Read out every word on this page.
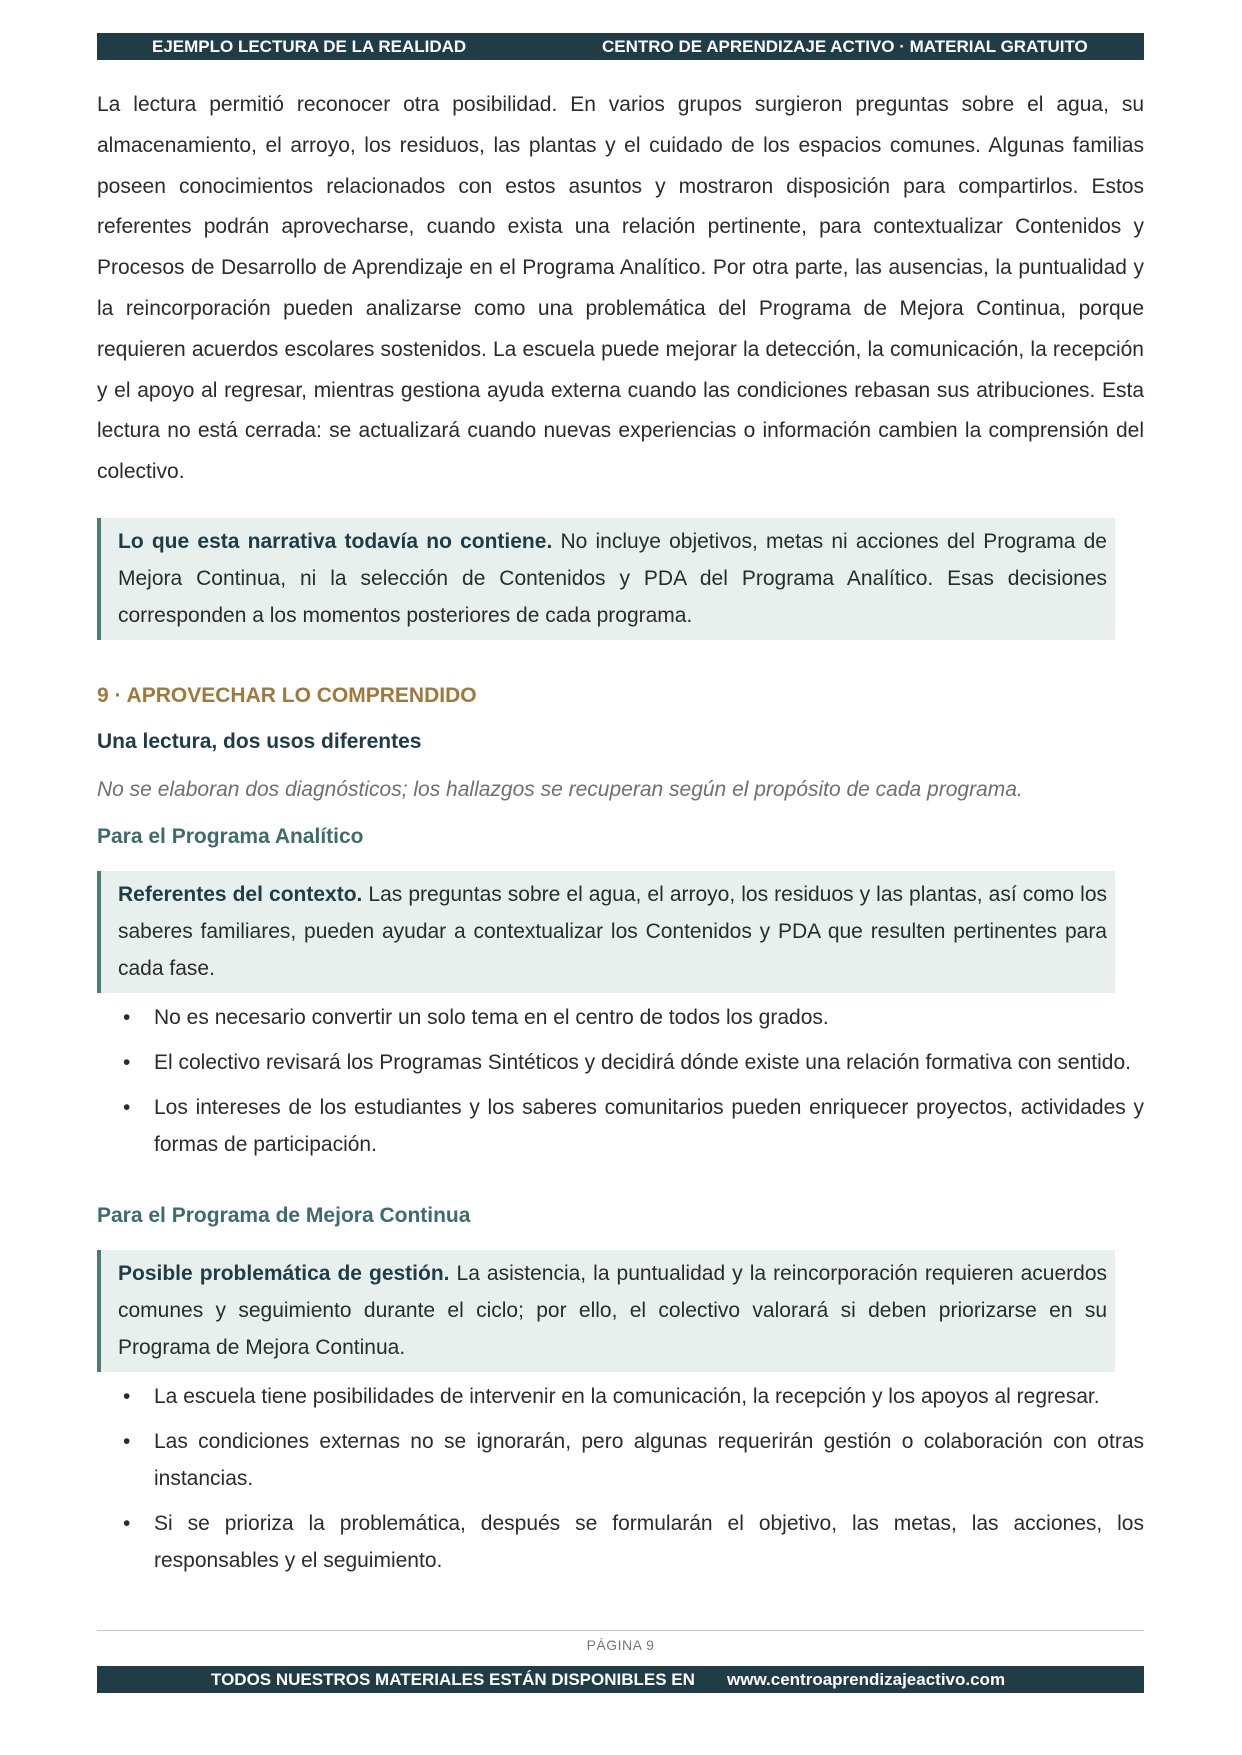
EJEMPLO LECTURA DE LA REALIDAD	CENTRO DE APRENDIZAJE ACTIVO · MATERIAL GRATUITO

La lectura permitió reconocer otra posibilidad. En varios grupos surgieron preguntas sobre el agua, su almacenamiento, el arroyo, los residuos, las plantas y el cuidado de los espacios comunes. Algunas familias poseen conocimientos relacionados con estos asuntos y mostraron disposición para compartirlos. Estos referentes podrán aprovecharse, cuando exista una relación pertinente, para contextualizar Contenidos y Procesos de Desarrollo de Aprendizaje en el Programa Analítico. Por otra parte, las ausencias, la puntualidad y la reincorporación pueden analizarse como una problemática del Programa de Mejora Continua, porque requieren acuerdos escolares sostenidos. La escuela puede mejorar la detección, la comunicación, la recepción y el apoyo al regresar, mientras gestiona ayuda externa cuando las condiciones rebasan sus atribuciones. Esta lectura no está cerrada: se actualizará cuando nuevas experiencias o información cambien la comprensión del colectivo.

Lo que esta narrativa todavía no contiene. No incluye objetivos, metas ni acciones del Programa de Mejora Continua, ni la selección de Contenidos y PDA del Programa Analítico. Esas decisiones corresponden a los momentos posteriores de cada programa.
9 · APROVECHAR LO COMPRENDIDO
Una lectura, dos usos diferentes
No se elaboran dos diagnósticos; los hallazgos se recuperan según el propósito de cada programa.
Para el Programa Analítico
Referentes del contexto. Las preguntas sobre el agua, el arroyo, los residuos y las plantas, así como los saberes familiares, pueden ayudar a contextualizar los Contenidos y PDA que resulten pertinentes para cada fase.
• No es necesario convertir un solo tema en el centro de todos los grados.
• El colectivo revisará los Programas Sintéticos y decidirá dónde existe una relación formativa con sentido.
• Los intereses de los estudiantes y los saberes comunitarios pueden enriquecer proyectos, actividades y formas de participación.
Para el Programa de Mejora Continua
Posible problemática de gestión. La asistencia, la puntualidad y la reincorporación requieren acuerdos comunes y seguimiento durante el ciclo; por ello, el colectivo valorará si deben priorizarse en su Programa de Mejora Continua.
• La escuela tiene posibilidades de intervenir en la comunicación, la recepción y los apoyos al regresar.
• Las condiciones externas no se ignorarán, pero algunas requerirán gestión o colaboración con otras instancias.
• Si se prioriza la problemática, después se formularán el objetivo, las metas, las acciones, los responsables y el seguimiento.
PÁGINA 9
TODOS NUESTROS MATERIALES ESTÁN DISPONIBLES EN www.centroaprendizajeactivo.com
